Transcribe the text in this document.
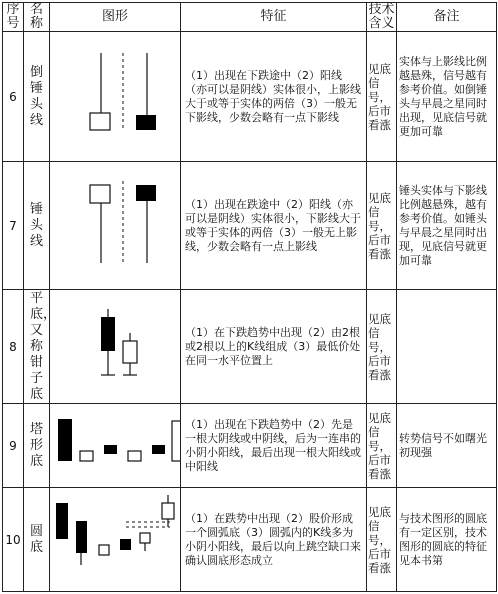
序号	名称	图形	特征	技术含义	备注
6	倒锤头线		（1）出现在下跌途中（2）阳线（亦可以是阴线）实体很小，上影线大于或等于实体的两倍（3）一般无下影线，少数会略有一点下影线	见底信号，后市看涨	实体与上影线比例越悬殊，信号越有参考价值。如倒锤头与早晨之星同时出现，见底信号就更加可靠
7	锤头线		（1）出现在跌途中（2）阳线（亦可以是阴线）实体很小，下影线大于或等于实体的两倍（3）一般无上影线，少数会略有一点上影线	见底信号，后市看涨	锤头实体与下影线比例越悬殊，越有参考价值。如锤头与早晨之星同时出现，见底信号就更加可靠
8	平底，又称钳子底		（1）在下跌趋势中出现（2）由2根或2根以上的K线组成（3）最低价处在同一水平位置上	见底信号，后市看涨	
9	塔形底		（1）出现在下跌趋势中（2）先是一根大阴线或中阴线，后为一连串的小阴小阳线，最后出现一根大阳线或中阳线	见底信号，后市看涨	转势信号不如曙光初现强
10	圆底		（1）在跌势中出现（2）股价形成一个圆弧底（3）圆弧内的K线多为小阴小阳线，最后以向上跳空缺口来确认圆底形态成立	见底信号，后市看涨	与技术图形的圆底有一定区别，技术图形的圆底的特征见本书第
